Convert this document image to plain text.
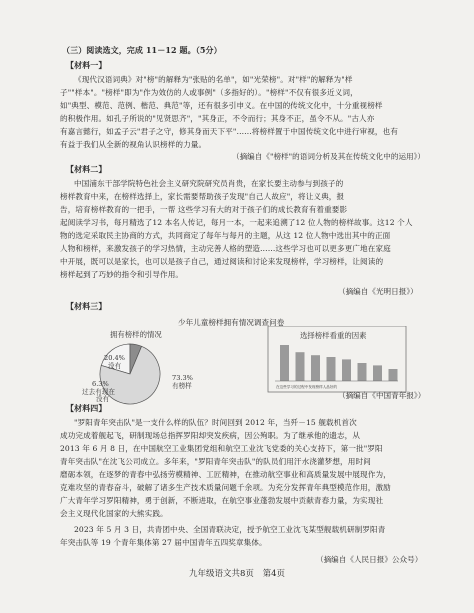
（三）阅读选文，完成 11－12 题。（5分）
【材料一】
《现代汉语词典》对"榜"的解释为"张贴的名单"，如"光荣榜"。对"样"的解释为"样
子""样本"。"榜样"即为"作为效仿的人或事例"（多指好的）。"榜样"不仅有很多近义词，
如"典型、模范、范例、楷范、典范"等，还有很多引申义。在中国的传统文化中，十分重视榜样
的积极作用。如孔子所说的"见贤思齐"，"其身正，不令而行；其身不正，虽令不从。"古人亦
有嘉言懿行，如孟子云"君子之守，修其身而天下平"……将榜样置于中国传统文化中进行审视，也有
有益于我们从全新的视角认识榜样的力量。
（摘编自《"榜样"的语词分析及其在传统文化中的运用》）
【材料二】
中国浦东干部学院特色社会主义研究院研究员肖贵，在家长要主动参与到孩子的
榜样教育中来，在榜样选择上，家长需要帮助孩子发现"自己人故应"，将让义典，报
告，培育榜样教育的一把手，一帮 这些学习有大的对于孩子们的成长教育有着重要影
起阅读学习书，每月精选了12 本名人传记，每月一本，一起来追溯了12 位人物的榜样故事。这12 个人
物的选定采取民主协商的方式，共同商定了每年与每月的主题，从这 12 位人物中选出其中的正面
人物和榜样，来激发孩子的学习热情，主动完善人格的塑造……这些学习也可以更多更广地在家庭
中开展，既可以是家长，也可以是孩子自己，通过阅读和讨论来发现榜样，学习榜样，让阅读的
榜样起到了巧妙的指令和引导作用。
（摘编自《光明日报》）
【材料三】
少年儿童榜样拥有情况调查问卷
拥有榜样的情况
20.4%
没有
6.3%
过去有现在
没有
73.3%
有榜样
选择榜样看重的因素
在这些学习的过程中发现榜样人品好的
（摘编自《中国青年报》）
【材料四】
"罗阳青年突击队"是一支什么样的队伍？时间回到 2012 年，当歼－15 舰载机首次
成功完成着舰起飞，研制现场总指挥罗阳却突发疾病，因公殉职。为了继承他的遗志，从
2013 年 6 月 8 日，在中国航空工业集团党组和航空工业沈飞党委的关心支持下，第一批"罗阳
青年突击队"在沈飞公司成立。多年来，"罗阳青年突击队"的队员们用汗水浇灌梦想，用时间
磨砺本领，在逐梦的青春中弘扬劳模精神、工匠精神，在推动航空事业和高质量发展中展现作为，
克难攻坚的青春奋斗，破解了诸多生产技术质量问题千余项。为充分发挥青年典型模范作用，激励
广大青年学习罗阳精神，勇于创新，不断进取，在航空事业蓬勃发展中贡献青春力量，为实现社
会主义现代化国家的大熊实践。
2023 年 5 月 3 日，共青团中央、全国青联决定，授予航空工业沈飞某型舰载机研制罗阳青
年突击队等 19 个青年集体第 27 届中国青年五四奖章集体。
（摘编自《人民日报》公众号）
九年级语文共8页 第4页
